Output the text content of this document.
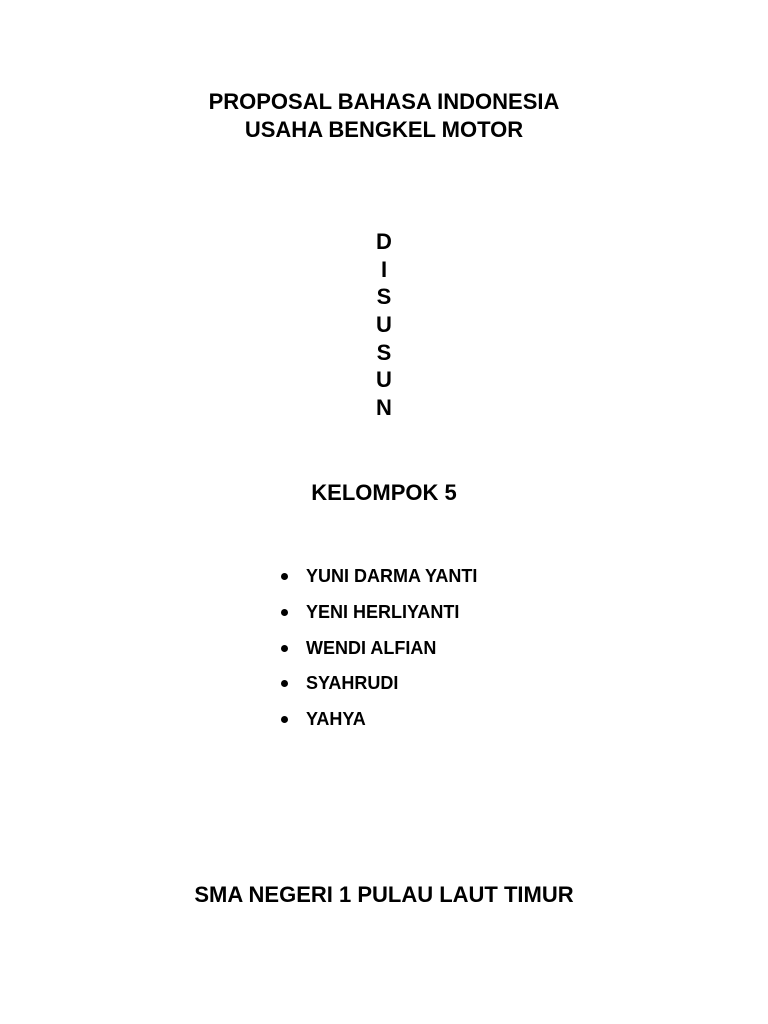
PROPOSAL BAHASA INDONESIA
USAHA BENGKEL MOTOR
D
I
S
U
S
U
N
KELOMPOK 5
YUNI DARMA YANTI
YENI HERLIYANTI
WENDI ALFIAN
SYAHRUDI
YAHYA
SMA NEGERI 1 PULAU LAUT TIMUR
